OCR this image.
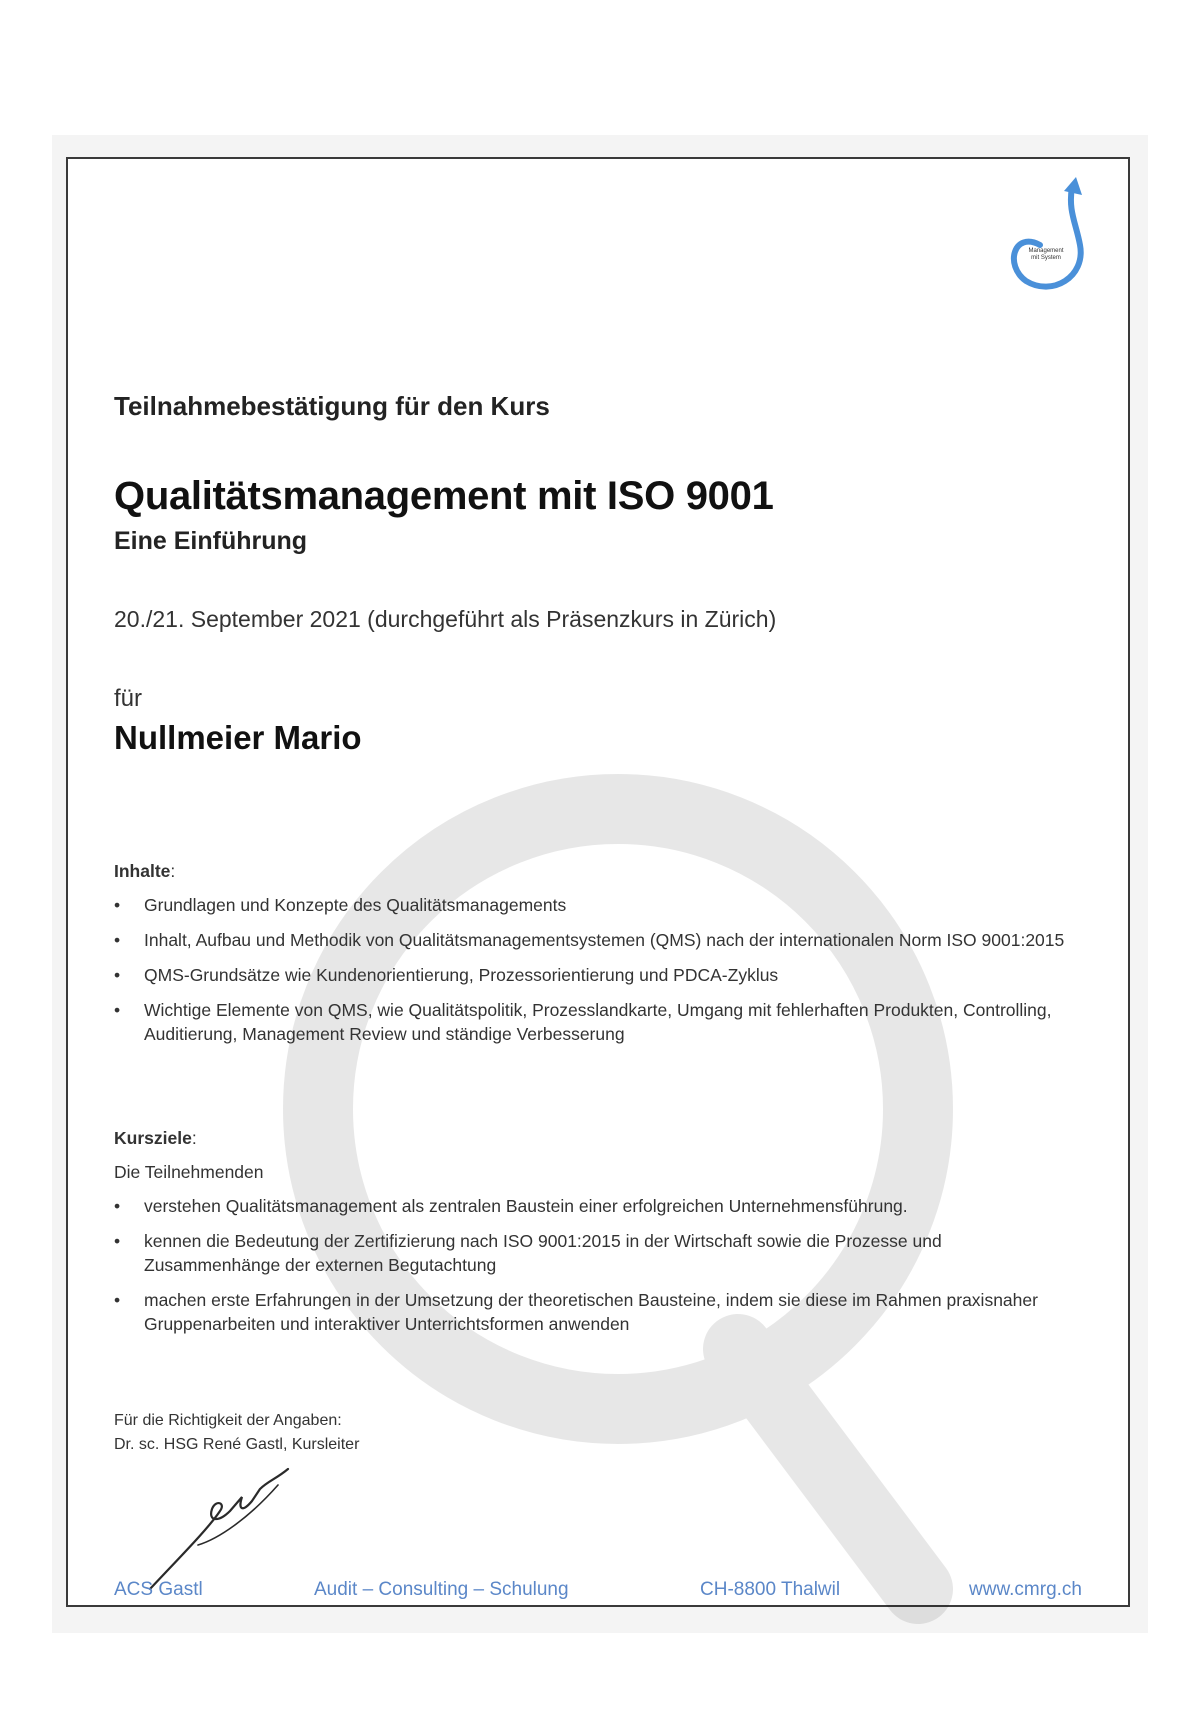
Management
mit System
Teilnahmebestätigung für den Kurs
Qualitätsmanagement mit ISO 9001
Eine Einführung
20./21. September 2021 (durchgeführt als Präsenzkurs in Zürich)
für
Nullmeier Mario
Inhalte:
• Grundlagen und Konzepte des Qualitätsmanagements
• Inhalt, Aufbau und Methodik von Qualitätsmanagementsystemen (QMS) nach der internationalen Norm ISO 9001:2015
• QMS-Grundsätze wie Kundenorientierung, Prozessorientierung und PDCA-Zyklus
• Wichtige Elemente von QMS, wie Qualitätspolitik, Prozesslandkarte, Umgang mit fehlerhaften Produkten, Controlling, Auditierung, Management Review und ständige Verbesserung
Kursziele:
Die Teilnehmenden
• verstehen Qualitätsmanagement als zentralen Baustein einer erfolgreichen Unternehmensführung.
• kennen die Bedeutung der Zertifizierung nach ISO 9001:2015 in der Wirtschaft sowie die Prozesse und Zusammenhänge der externen Begutachtung
• machen erste Erfahrungen in der Umsetzung der theoretischen Bausteine, indem sie diese im Rahmen praxisnaher Gruppenarbeiten und interaktiver Unterrichtsformen anwenden
Für die Richtigkeit der Angaben:
Dr. sc. HSG René Gastl, Kursleiter
ACS Gastl	Audit – Consulting – Schulung	CH-8800 Thalwil	www.cmrg.ch
